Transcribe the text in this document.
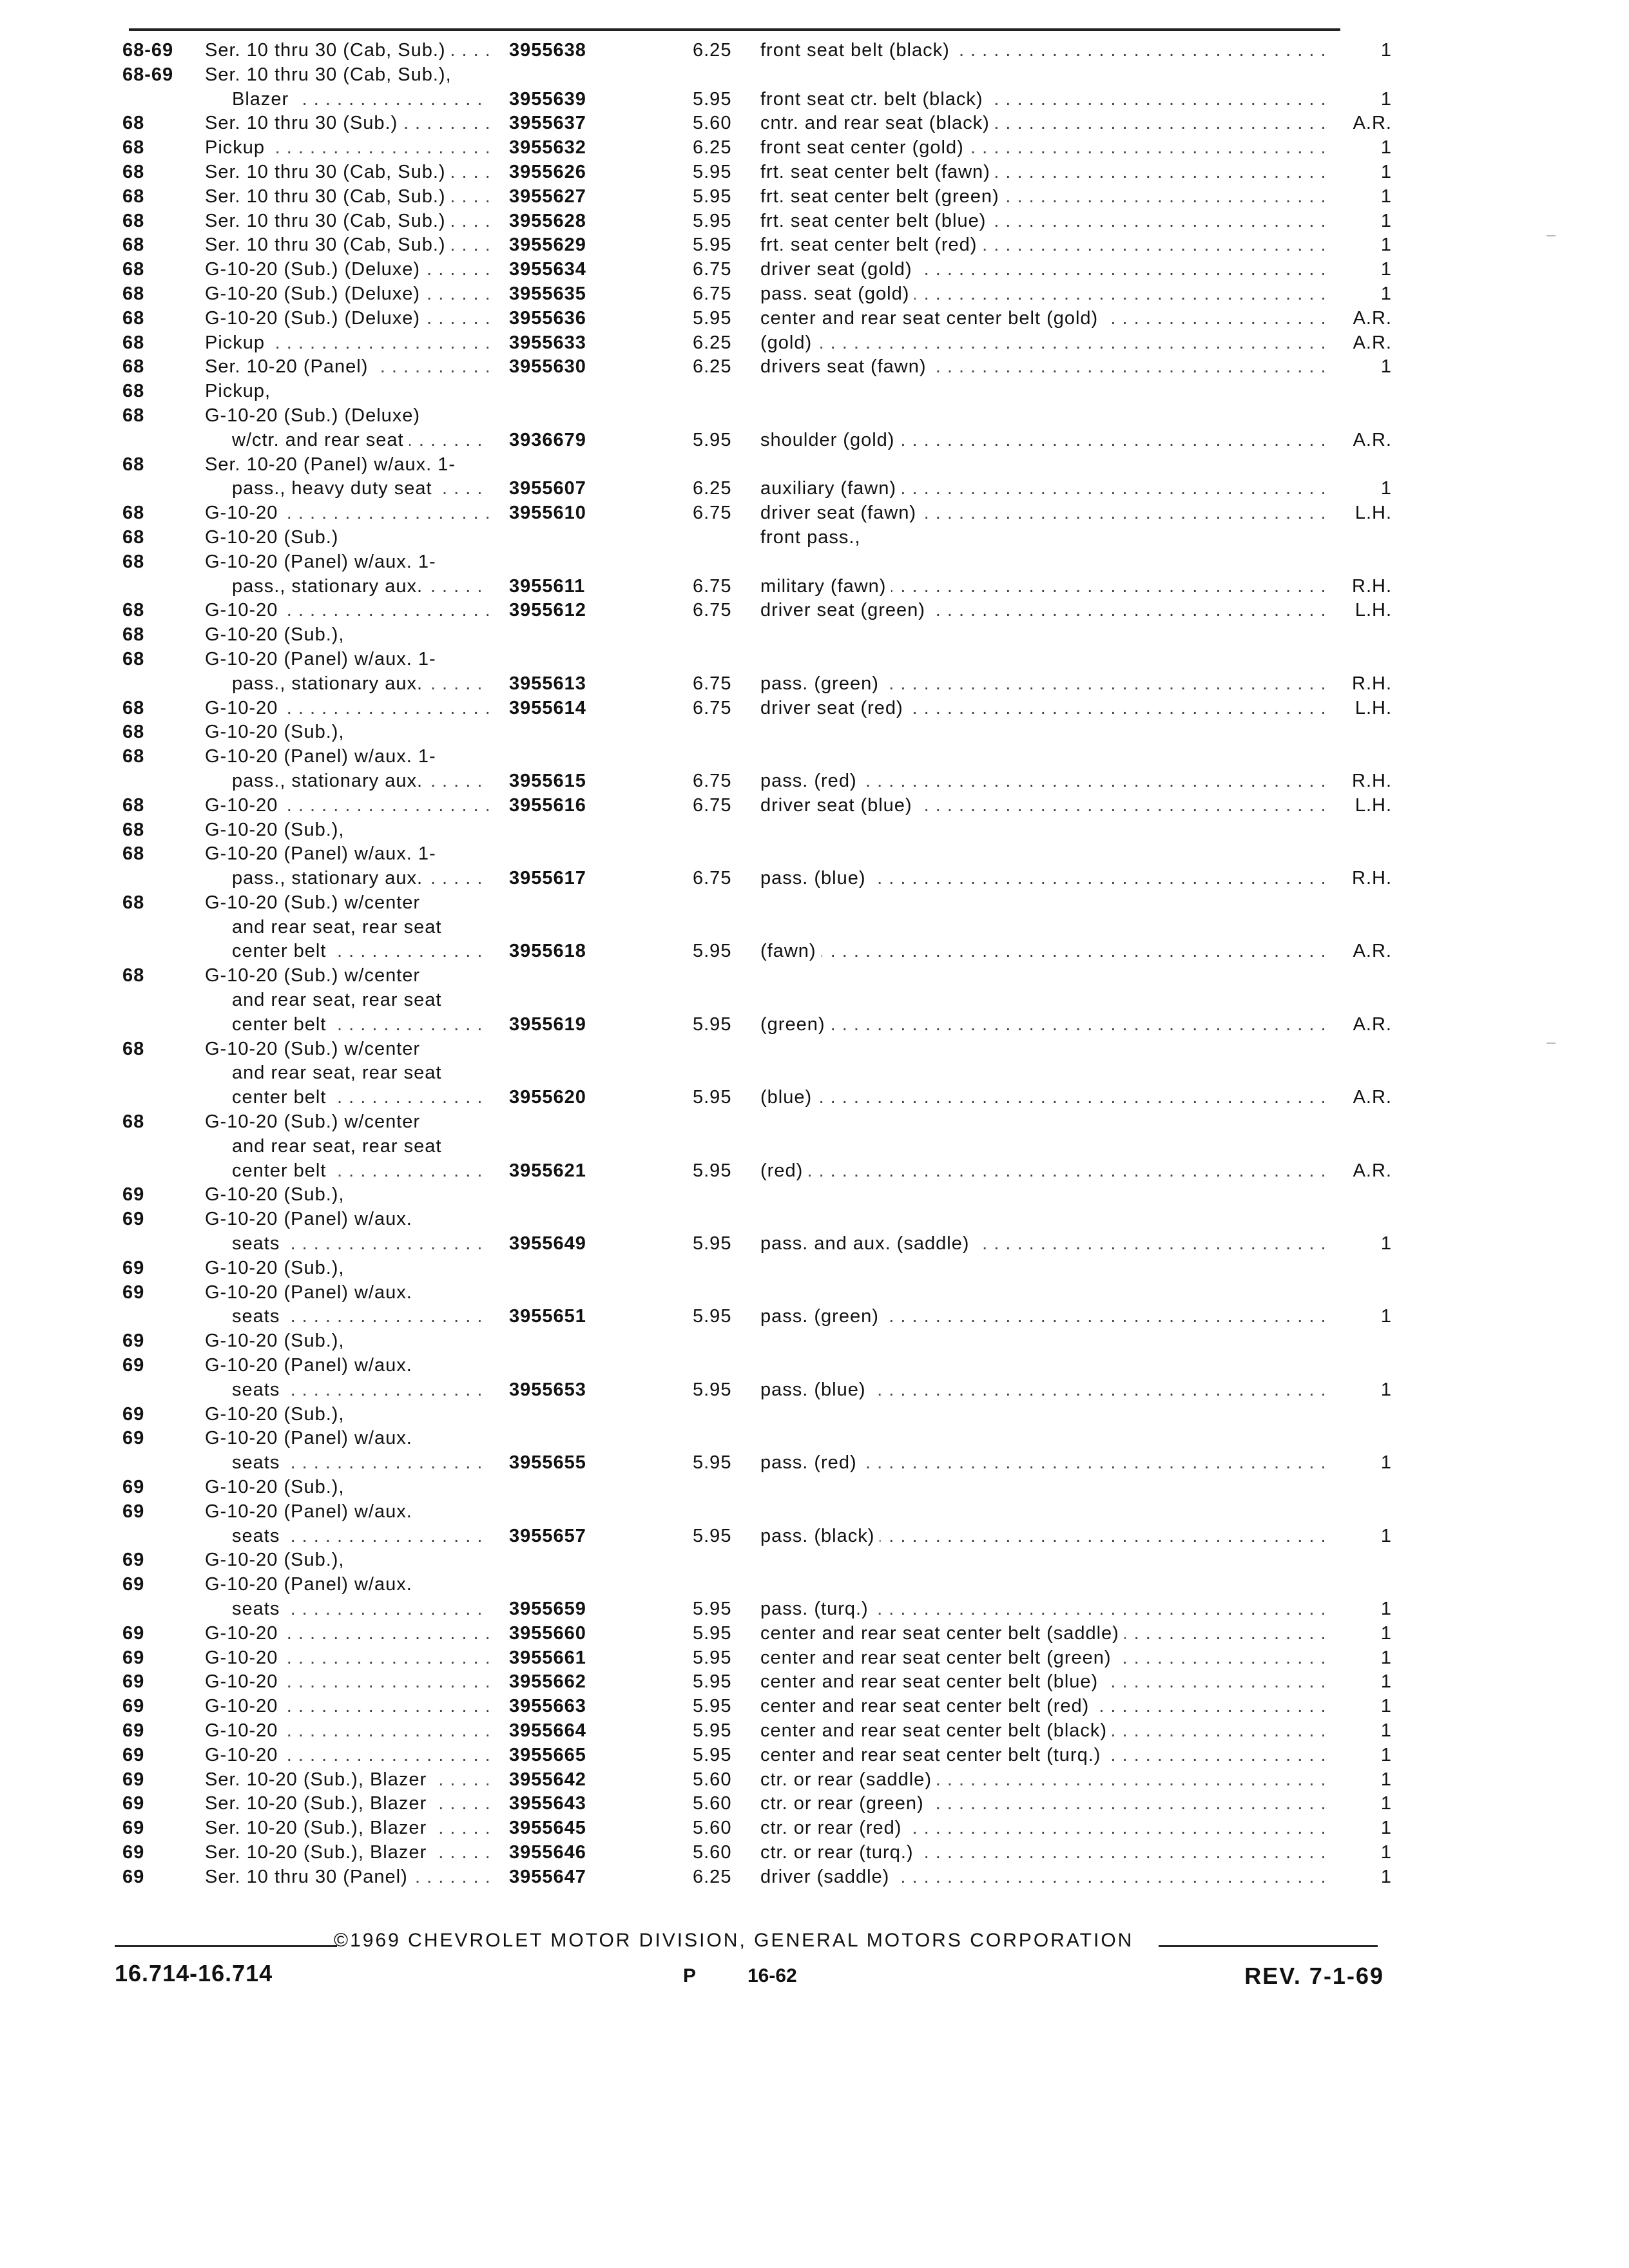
68-69	Ser. 10 thru 30 (Cab, Sub.) . . .	3955638	6.25	front seat belt (black) . . .	1
68-69	Ser. 10 thru 30 (Cab, Sub.),
Blazer . . .	3955639	5.95	front seat ctr. belt (black) . . .	1
68	Ser. 10 thru 30 (Sub.) . . .	3955637	5.60	cntr. and rear seat (black) . . .	A.R.
68	Pickup . . .	3955632	6.25	front seat center (gold) . . .	1
68	Ser. 10 thru 30 (Cab, Sub.) . . .	3955626	5.95	frt. seat center belt (fawn) . . .	1
68	Ser. 10 thru 30 (Cab, Sub.) . . .	3955627	5.95	frt. seat center belt (green) . . .	1
68	Ser. 10 thru 30 (Cab, Sub.) . . .	3955628	5.95	frt. seat center belt (blue) . . .	1
68	Ser. 10 thru 30 (Cab, Sub.) . . .	3955629	5.95	frt. seat center belt (red) . . .	1
68	G-10-20 (Sub.) (Deluxe) . . .	3955634	6.75	driver seat (gold) . . .	1
68	G-10-20 (Sub.) (Deluxe) . . .	3955635	6.75	pass. seat (gold) . . .	1
68	G-10-20 (Sub.) (Deluxe) . . .	3955636	5.95	center and rear seat center belt (gold) . . .	A.R.
68	Pickup . . .	3955633	6.25	(gold) . . .	A.R.
68	Ser. 10-20 (Panel) . . .	3955630	6.25	drivers seat (fawn) . . .	1
68	Pickup,
68	G-10-20 (Sub.) (Deluxe)
w/ctr. and rear seat . . .	3936679	5.95	shoulder (gold) . . .	A.R.
68	Ser. 10-20 (Panel) w/aux. 1-
pass., heavy duty seat . . .	3955607	6.25	auxiliary (fawn) . . .	1
68	G-10-20 . . .	3955610	6.75	driver seat (fawn) . . .	L.H.
68	G-10-20 (Sub.)	front pass.,
68	G-10-20 (Panel) w/aux. 1-
pass., stationary aux. . . .	3955611	6.75	military (fawn) . . .	R.H.
68	G-10-20 . . .	3955612	6.75	driver seat (green) . . .	L.H.
68	G-10-20 (Sub.),
68	G-10-20 (Panel) w/aux. 1-
pass., stationary aux. . . .	3955613	6.75	pass. (green) . . .	R.H.
68	G-10-20 . . .	3955614	6.75	driver seat (red) . . .	L.H.
68	G-10-20 (Sub.),
68	G-10-20 (Panel) w/aux. 1-
pass., stationary aux. . . .	3955615	6.75	pass. (red) . . .	R.H.
68	G-10-20 . . .	3955616	6.75	driver seat (blue) . . .	L.H.
68	G-10-20 (Sub.),
68	G-10-20 (Panel) w/aux. 1-
pass., stationary aux. . . .	3955617	6.75	pass. (blue) . . .	R.H.
68	G-10-20 (Sub.) w/center
and rear seat, rear seat
center belt . . .	3955618	5.95	(fawn) . . .	A.R.
68	G-10-20 (Sub.) w/center
and rear seat, rear seat
center belt . . .	3955619	5.95	(green) . . .	A.R.
68	G-10-20 (Sub.) w/center
and rear seat, rear seat
center belt . . .	3955620	5.95	(blue) . . .	A.R.
68	G-10-20 (Sub.) w/center
and rear seat, rear seat
center belt . . .	3955621	5.95	(red) . . .	A.R.
69	G-10-20 (Sub.),
69	G-10-20 (Panel) w/aux.
seats . . .	3955649	5.95	pass. and aux. (saddle) . . .	1
69	G-10-20 (Sub.),
69	G-10-20 (Panel) w/aux.
seats . . .	3955651	5.95	pass. (green) . . .	1
69	G-10-20 (Sub.),
69	G-10-20 (Panel) w/aux.
seats . . .	3955653	5.95	pass. (blue) . . .	1
69	G-10-20 (Sub.),
69	G-10-20 (Panel) w/aux.
seats . . .	3955655	5.95	pass. (red) . . .	1
69	G-10-20 (Sub.),
69	G-10-20 (Panel) w/aux.
seats . . .	3955657	5.95	pass. (black) . . .	1
69	G-10-20 (Sub.),
69	G-10-20 (Panel) w/aux.
seats . . .	3955659	5.95	pass. (turq.) . . .	1
69	G-10-20 . . .	3955660	5.95	center and rear seat center belt (saddle) . . .	1
69	G-10-20 . . .	3955661	5.95	center and rear seat center belt (green) . . .	1
69	G-10-20 . . .	3955662	5.95	center and rear seat center belt (blue) . . .	1
69	G-10-20 . . .	3955663	5.95	center and rear seat center belt (red) . . .	1
69	G-10-20 . . .	3955664	5.95	center and rear seat center belt (black) . . .	1
69	G-10-20 . . .	3955665	5.95	center and rear seat center belt (turq.) . . .	1
69	Ser. 10-20 (Sub.), Blazer . . .	3955642	5.60	ctr. or rear (saddle) . . .	1
69	Ser. 10-20 (Sub.), Blazer . . .	3955643	5.60	ctr. or rear (green) . . .	1
69	Ser. 10-20 (Sub.), Blazer . . .	3955645	5.60	ctr. or rear (red) . . .	1
69	Ser. 10-20 (Sub.), Blazer . . .	3955646	5.60	ctr. or rear (turq.) . . .	1
69	Ser. 10 thru 30 (Panel) . . .	3955647	6.25	driver (saddle) . . .	1
©1969 CHEVROLET MOTOR DIVISION, GENERAL MOTORS CORPORATION
16.714-16.714	P	16-62	REV. 7-1-69
